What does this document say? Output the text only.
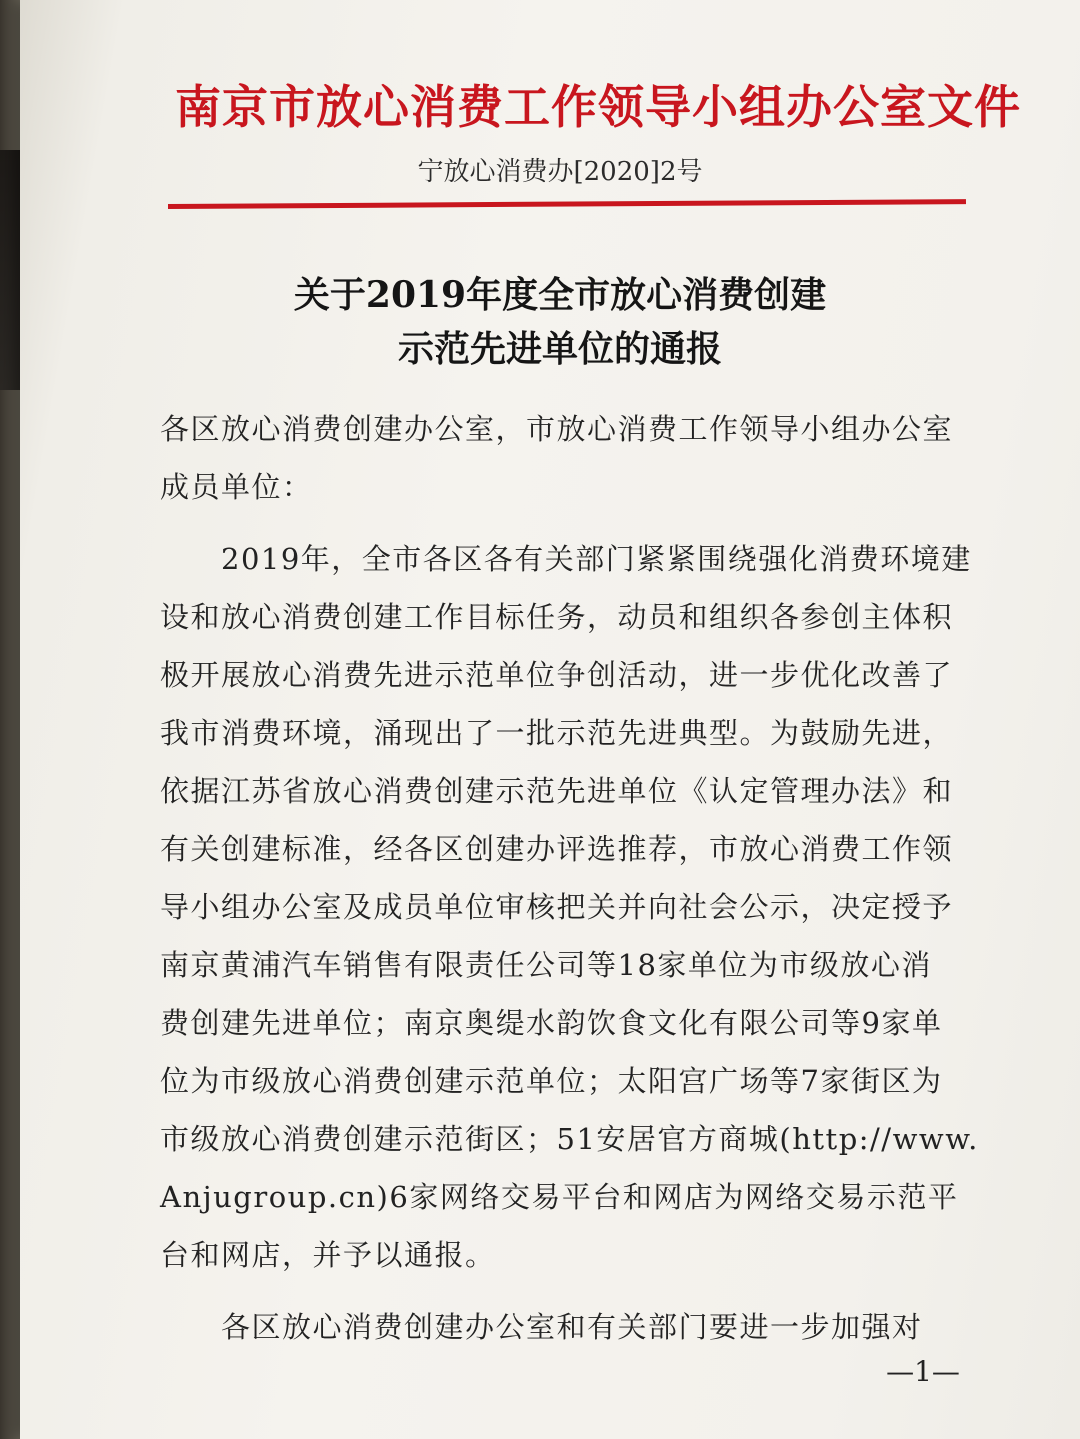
南京市放心消费工作领导小组办公室文件
宁放心消费办[2020]2号
关于2019年度全市放心消费创建
示范先进单位的通报
各区放心消费创建办公室，市放心消费工作领导小组办公室
成员单位：
　　2019年，全市各区各有关部门紧紧围绕强化消费环境建
设和放心消费创建工作目标任务，动员和组织各参创主体积
极开展放心消费先进示范单位争创活动，进一步优化改善了
我市消费环境，涌现出了一批示范先进典型。为鼓励先进，
依据江苏省放心消费创建示范先进单位《认定管理办法》和
有关创建标准，经各区创建办评选推荐，市放心消费工作领
导小组办公室及成员单位审核把关并向社会公示，决定授予
南京黄浦汽车销售有限责任公司等18家单位为市级放心消
费创建先进单位；南京奥缇水韵饮食文化有限公司等9家单
位为市级放心消费创建示范单位；太阳宫广场等7家街区为
市级放心消费创建示范街区；51安居官方商城(http://www.
Anjugroup.cn)6家网络交易平台和网店为网络交易示范平
台和网店，并予以通报。
　　各区放心消费创建办公室和有关部门要进一步加强对
—1—
